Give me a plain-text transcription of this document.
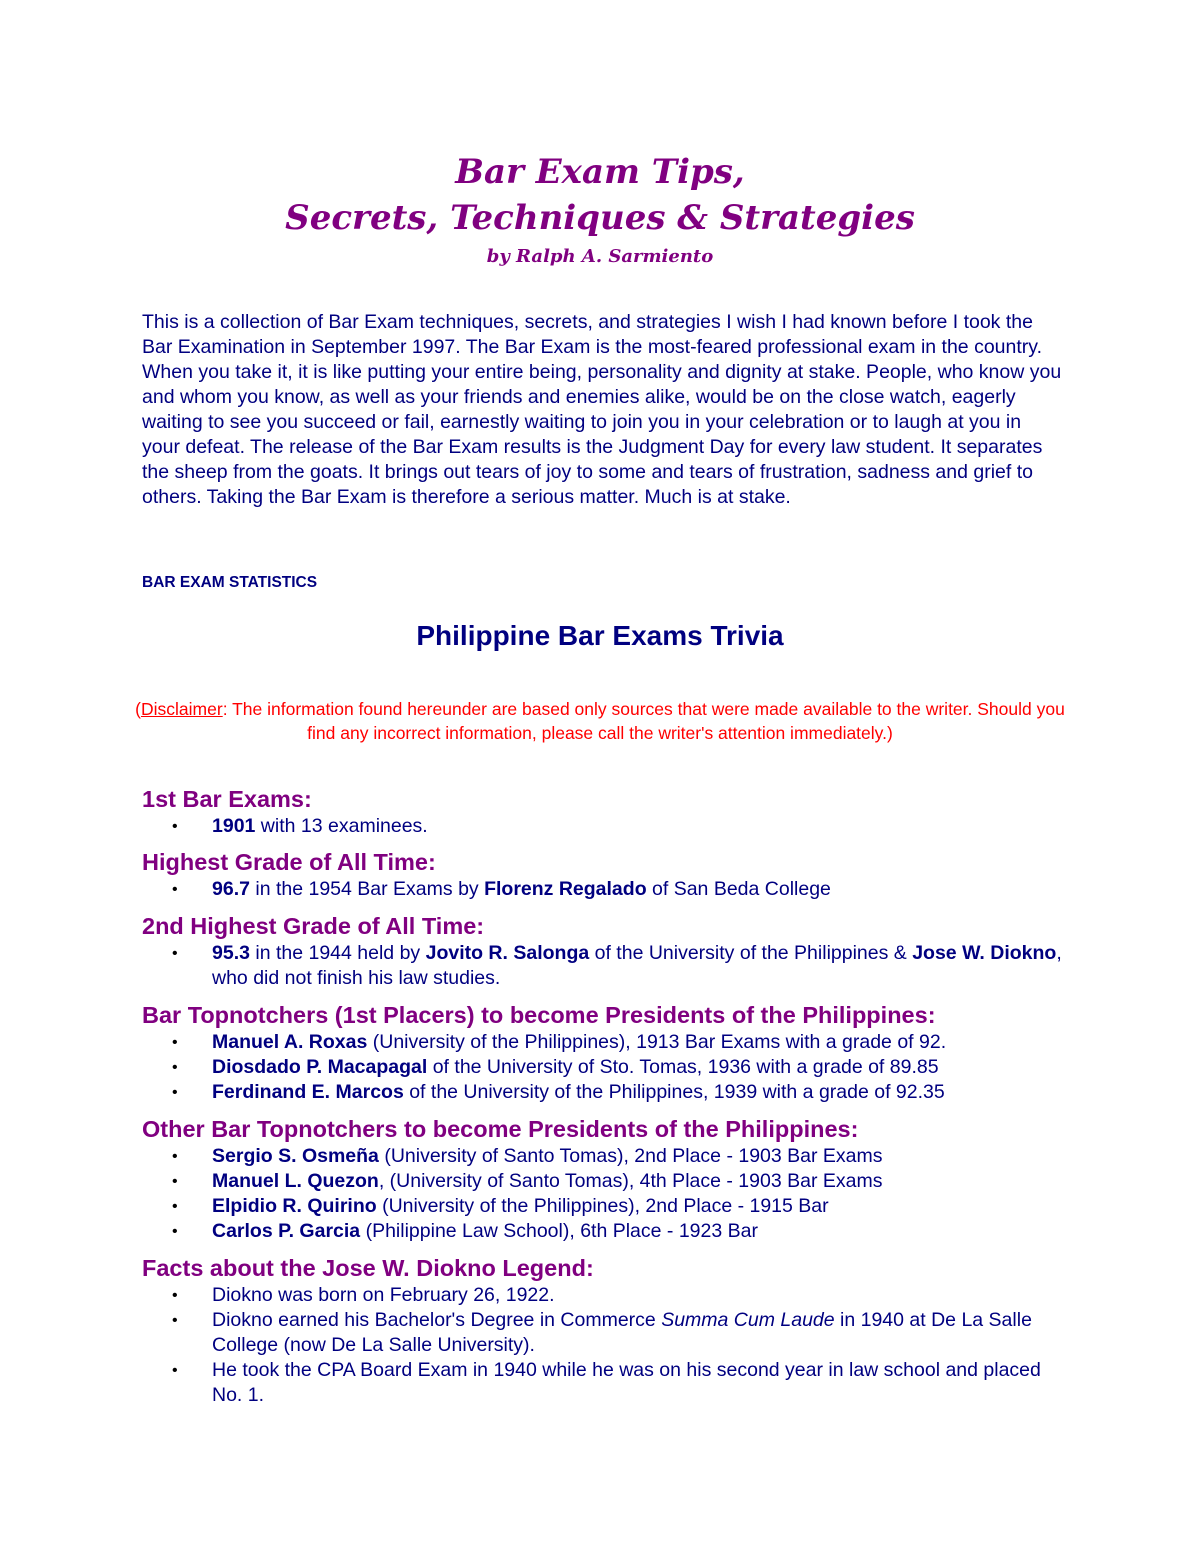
Bar Exam Tips,
Secrets, Techniques & Strategies
by Ralph A. Sarmiento

This is a collection of Bar Exam techniques, secrets, and strategies I wish I had known before I took the Bar Examination in September 1997. The Bar Exam is the most-feared professional exam in the country. When you take it, it is like putting your entire being, personality and dignity at stake. People, who know you and whom you know, as well as your friends and enemies alike, would be on the close watch, eagerly waiting to see you succeed or fail, earnestly waiting to join you in your celebration or to laugh at you in your defeat. The release of the Bar Exam results is the Judgment Day for every law student. It separates the sheep from the goats. It brings out tears of joy to some and tears of frustration, sadness and grief to others. Taking the Bar Exam is therefore a serious matter. Much is at stake.

BAR EXAM STATISTICS
Philippine Bar Exams Trivia

(Disclaimer: The information found hereunder are based only sources that were made available to the writer. Should you find any incorrect information, please call the writer's attention immediately.)

1st Bar Exams:
• 1901 with 13 examinees.
Highest Grade of All Time:
• 96.7 in the 1954 Bar Exams by Florenz Regalado of San Beda College
2nd Highest Grade of All Time:
• 95.3 in the 1944 held by Jovito R. Salonga of the University of the Philippines & Jose W. Diokno, who did not finish his law studies.
Bar Topnotchers (1st Placers) to become Presidents of the Philippines:
• Manuel A. Roxas (University of the Philippines), 1913 Bar Exams with a grade of 92.
• Diosdado P. Macapagal of the University of Sto. Tomas, 1936 with a grade of 89.85
• Ferdinand E. Marcos of the University of the Philippines, 1939 with a grade of 92.35
Other Bar Topnotchers to become Presidents of the Philippines:
• Sergio S. Osmeña (University of Santo Tomas), 2nd Place - 1903 Bar Exams
• Manuel L. Quezon, (University of Santo Tomas), 4th Place - 1903 Bar Exams
• Elpidio R. Quirino (University of the Philippines), 2nd Place - 1915 Bar
• Carlos P. Garcia (Philippine Law School), 6th Place - 1923 Bar
Facts about the Jose W. Diokno Legend:
• Diokno was born on February 26, 1922.
• Diokno earned his Bachelor's Degree in Commerce Summa Cum Laude in 1940 at De La Salle College (now De La Salle University).
• He took the CPA Board Exam in 1940 while he was on his second year in law school and placed No. 1.
